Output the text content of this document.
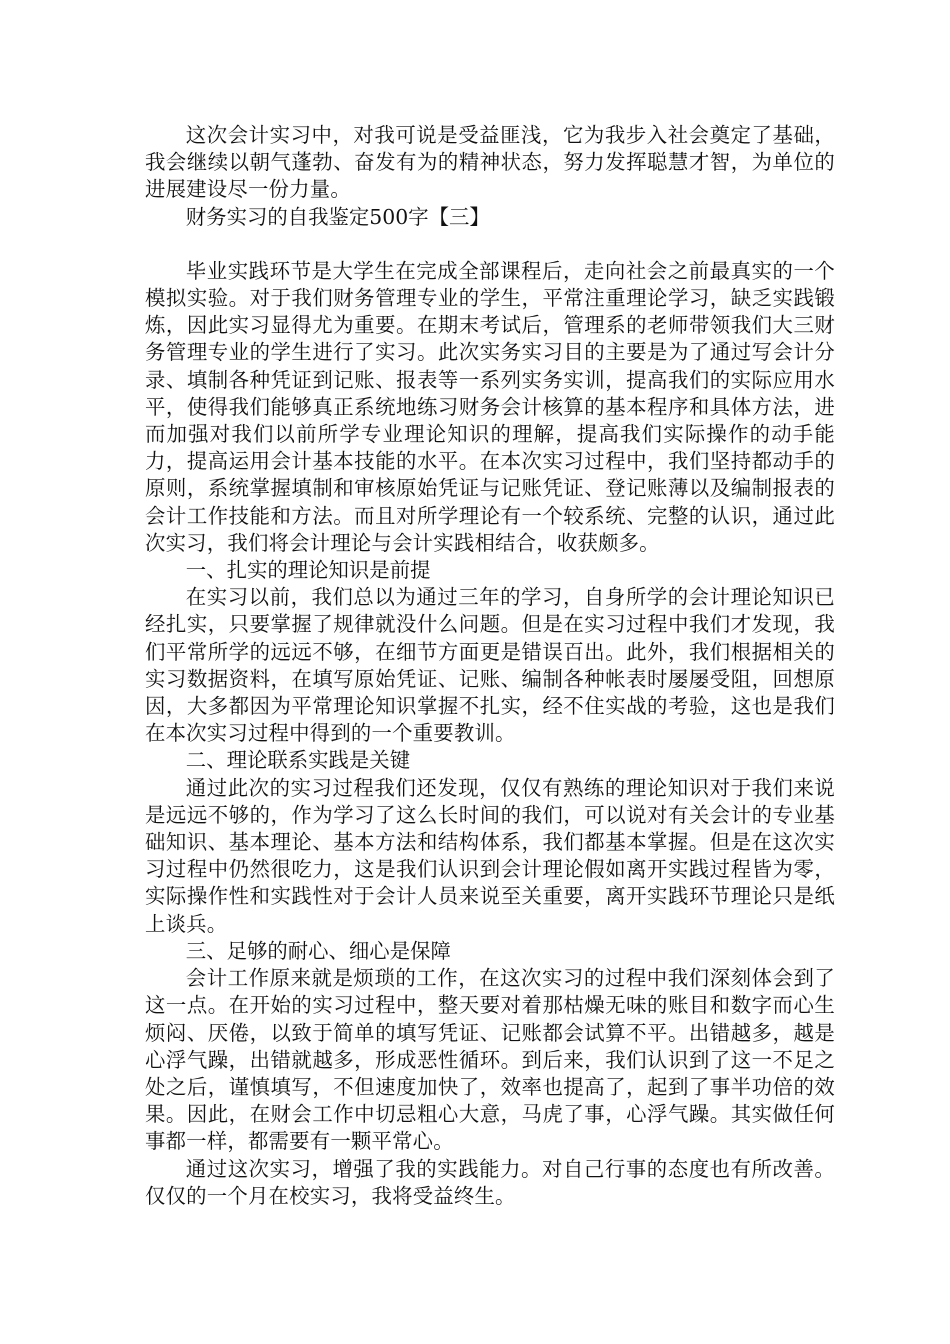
这次会计实习中，对我可说是受益匪浅，它为我步入社会奠定了基础，我会继续以朝气蓬勃、奋发有为的精神状态，努力发挥聪慧才智，为单位的进展建设尽一份力量。

财务实习的自我鉴定500字【三】

毕业实践环节是大学生在完成全部课程后，走向社会之前最真实的一个模拟实验。对于我们财务管理专业的学生，平常注重理论学习，缺乏实践锻炼，因此实习显得尤为重要。在期末考试后，管理系的老师带领我们大三财务管理专业的学生进行了实习。此次实务实习目的主要是为了通过写会计分录、填制各种凭证到记账、报表等一系列实务实训，提高我们的实际应用水平，使得我们能够真正系统地练习财务会计核算的基本程序和具体方法，进而加强对我们以前所学专业理论知识的理解，提高我们实际操作的动手能力，提高运用会计基本技能的水平。在本次实习过程中，我们坚持都动手的原则，系统掌握填制和审核原始凭证与记账凭证、登记账薄以及编制报表的会计工作技能和方法。而且对所学理论有一个较系统、完整的认识，通过此次实习，我们将会计理论与会计实践相结合，收获颇多。

一、扎实的理论知识是前提

在实习以前，我们总以为通过三年的学习，自身所学的会计理论知识已经扎实，只要掌握了规律就没什么问题。但是在实习过程中我们才发现，我们平常所学的远远不够，在细节方面更是错误百出。此外，我们根据相关的实习数据资料，在填写原始凭证、记账、编制各种帐表时屡屡受阻，回想原因，大多都因为平常理论知识掌握不扎实，经不住实战的考验，这也是我们在本次实习过程中得到的一个重要教训。

二、理论联系实践是关键

通过此次的实习过程我们还发现，仅仅有熟练的理论知识对于我们来说是远远不够的，作为学习了这么长时间的我们，可以说对有关会计的专业基础知识、基本理论、基本方法和结构体系，我们都基本掌握。但是在这次实习过程中仍然很吃力，这是我们认识到会计理论假如离开实践过程皆为零，实际操作性和实践性对于会计人员来说至关重要，离开实践环节理论只是纸上谈兵。

三、足够的耐心、细心是保障

会计工作原来就是烦琐的工作，在这次实习的过程中我们深刻体会到了这一点。在开始的实习过程中，整天要对着那枯燥无味的账目和数字而心生烦闷、厌倦，以致于简单的填写凭证、记账都会试算不平。出错越多，越是心浮气躁，出错就越多，形成恶性循环。到后来，我们认识到了这一不足之处之后，谨慎填写，不但速度加快了，效率也提高了，起到了事半功倍的效果。因此，在财会工作中切忌粗心大意，马虎了事，心浮气躁。其实做任何事都一样，都需要有一颗平常心。

通过这次实习，增强了我的实践能力。对自己行事的态度也有所改善。仅仅的一个月在校实习，我将受益终生。
